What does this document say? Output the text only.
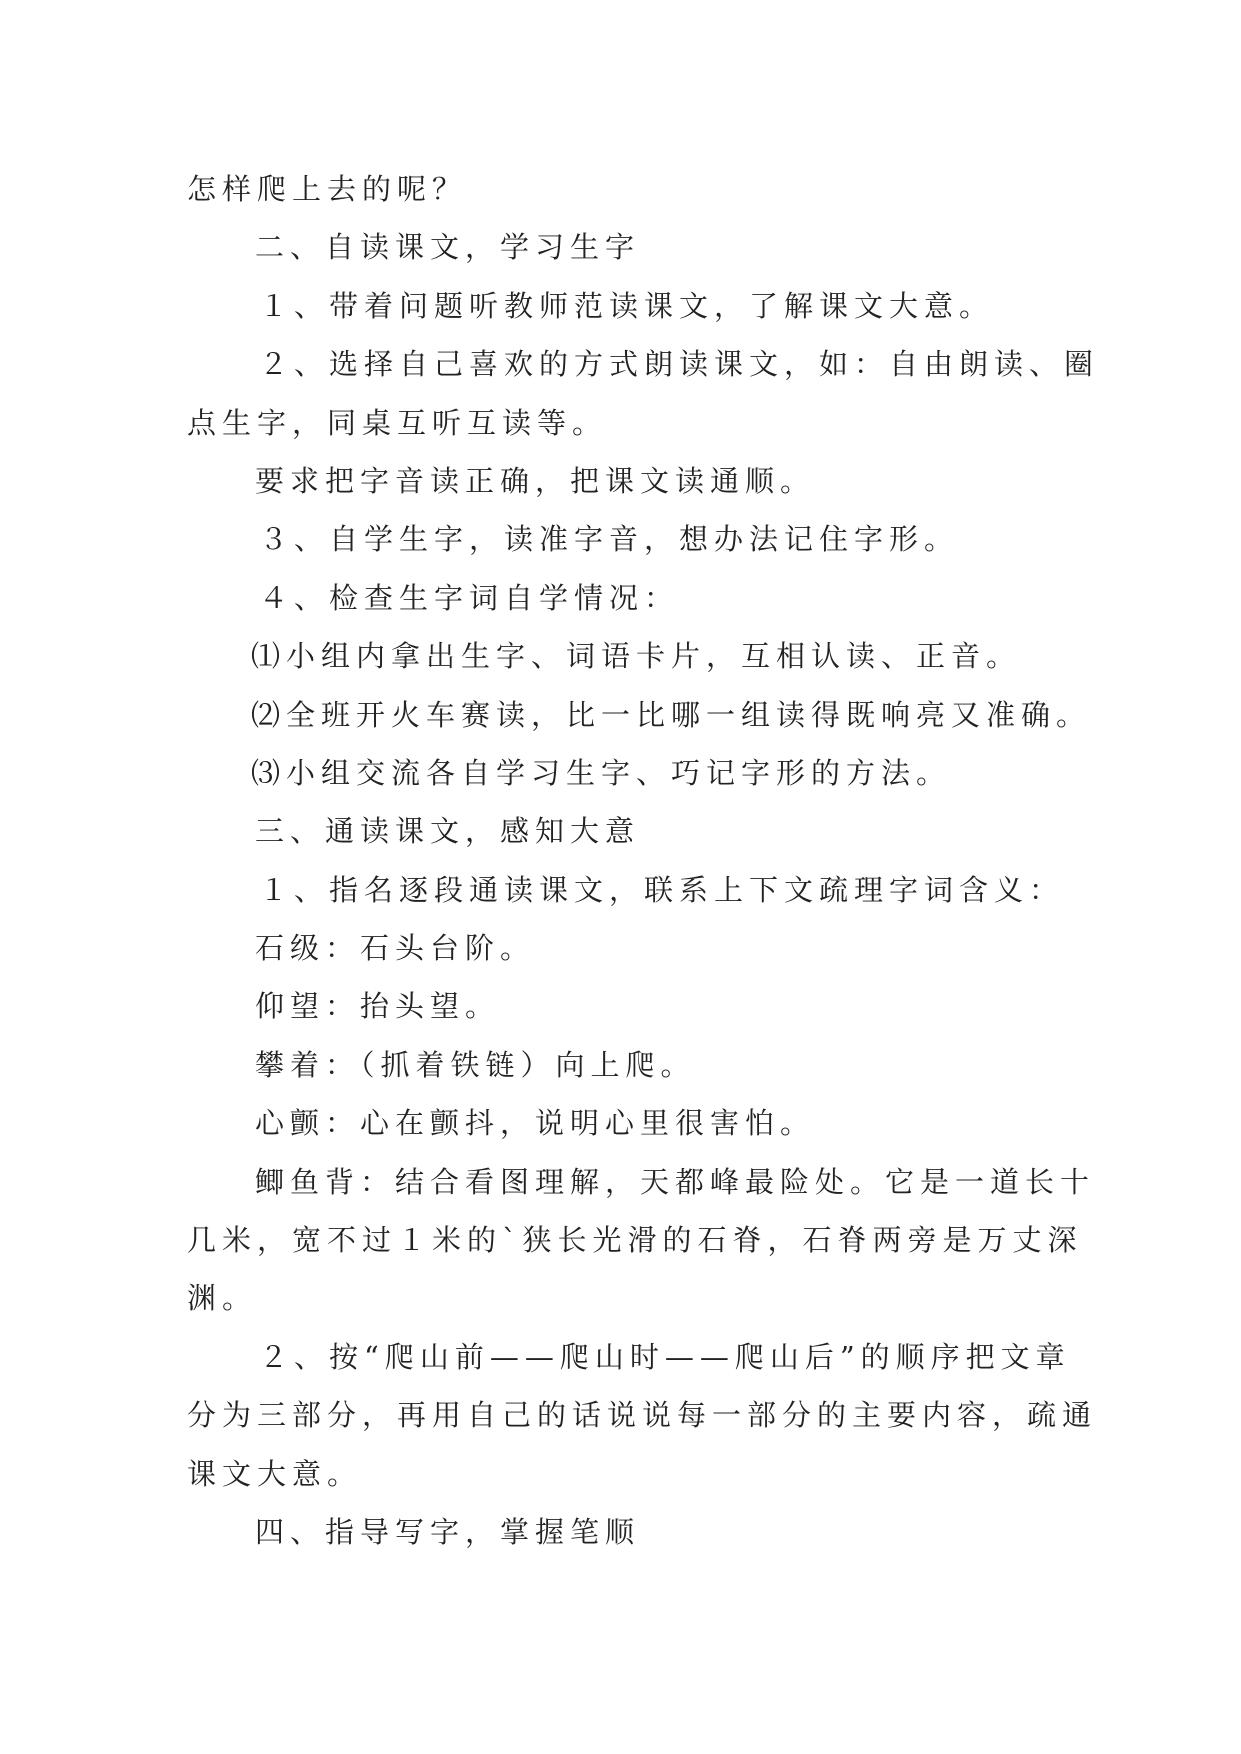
怎样爬上去的呢？
二、自读课文，学习生字
１、带着问题听教师范读课文，了解课文大意。
２、选择自己喜欢的方式朗读课文，如：自由朗读、圈
点生字，同桌互听互读等。
要求把字音读正确，把课文读通顺。
３、自学生字，读准字音，想办法记住字形。
４、检查生字词自学情况：
⑴小组内拿出生字、词语卡片，互相认读、正音。
⑵全班开火车赛读，比一比哪一组读得既响亮又准确。
⑶小组交流各自学习生字、巧记字形的方法。
三、通读课文，感知大意
１、指名逐段通读课文，联系上下文疏理字词含义：
石级：石头台阶。
仰望：抬头望。
攀着：（抓着铁链）向上爬。
心颤：心在颤抖，说明心里很害怕。
鲫鱼背：结合看图理解，天都峰最险处。它是一道长十
几米，宽不过１米的`狭长光滑的石脊，石脊两旁是万丈深
渊。
２、按“爬山前——爬山时——爬山后”的顺序把文章
分为三部分，再用自己的话说说每一部分的主要内容，疏通
课文大意。
四、指导写字，掌握笔顺
